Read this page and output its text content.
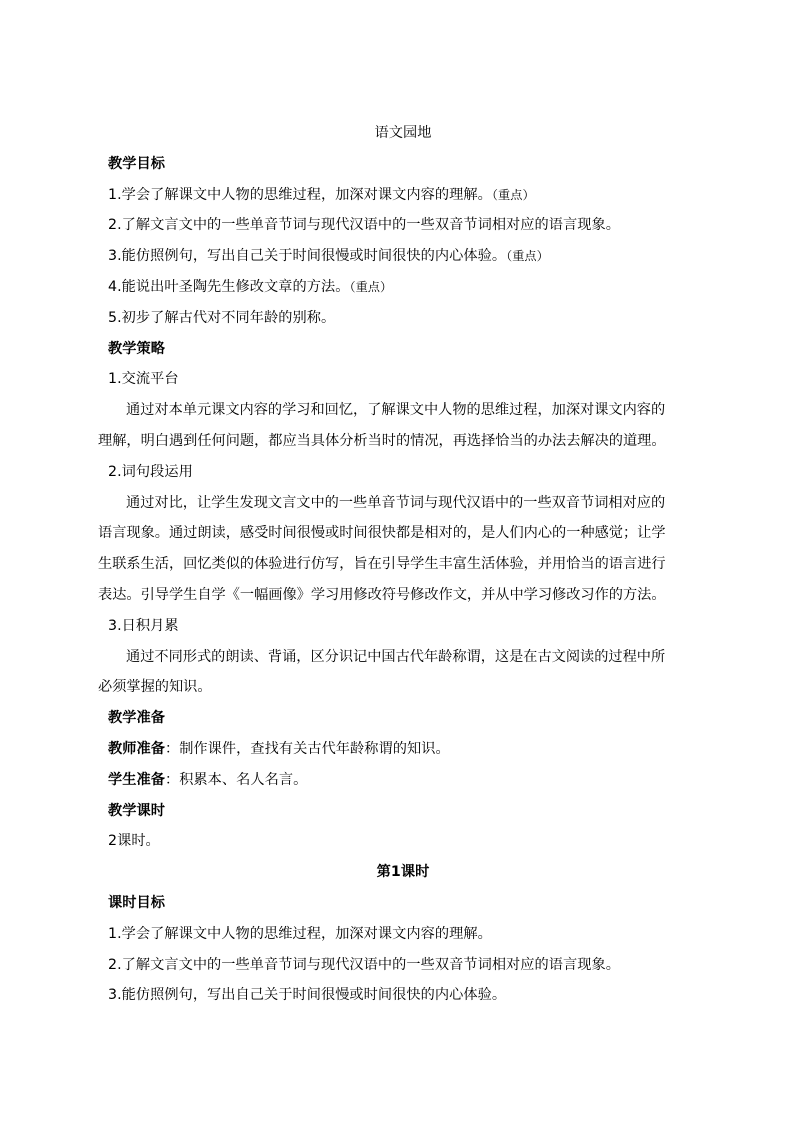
语文园地
教学目标
1.学会了解课文中人物的思维过程，加深对课文内容的理解。（重点）
2.了解文言文中的一些单音节词与现代汉语中的一些双音节词相对应的语言现象。
3.能仿照例句，写出自己关于时间很慢或时间很快的内心体验。（重点）
4.能说出叶圣陶先生修改文章的方法。（重点）
5.初步了解古代对不同年龄的别称。
教学策略
1.交流平台
通过对本单元课文内容的学习和回忆，了解课文中人物的思维过程，加深对课文内容的
理解，明白遇到任何问题，都应当具体分析当时的情况，再选择恰当的办法去解决的道理。
2.词句段运用
通过对比，让学生发现文言文中的一些单音节词与现代汉语中的一些双音节词相对应的
语言现象。通过朗读，感受时间很慢或时间很快都是相对的，是人们内心的一种感觉；让学
生联系生活，回忆类似的体验进行仿写，旨在引导学生丰富生活体验，并用恰当的语言进行
表达。引导学生自学《一幅画像》学习用修改符号修改作文，并从中学习修改习作的方法。
3.日积月累
通过不同形式的朗读、背诵，区分识记中国古代年龄称谓，这是在古文阅读的过程中所
必须掌握的知识。
教学准备
教师准备：制作课件，查找有关古代年龄称谓的知识。
学生准备：积累本、名人名言。
教学课时
2课时。
第1课时
课时目标
1.学会了解课文中人物的思维过程，加深对课文内容的理解。
2.了解文言文中的一些单音节词与现代汉语中的一些双音节词相对应的语言现象。
3.能仿照例句，写出自己关于时间很慢或时间很快的内心体验。
